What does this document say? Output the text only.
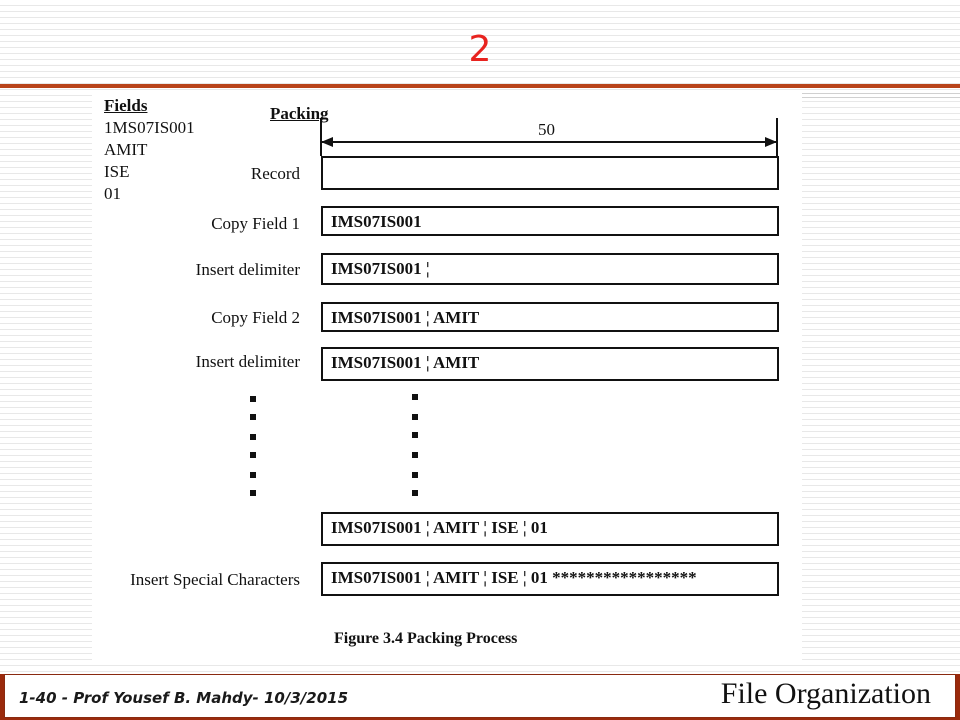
2
Fields
1MS07IS001
AMIT
ISE
01
Packing
50
Record
Copy Field 1
Insert delimiter
Copy Field 2
Insert delimiter
Insert Special Characters
IMS07IS001
IMS07IS001 ¦
IMS07IS001 ¦ AMIT
IMS07IS001 ¦ AMIT
IMS07IS001 ¦ AMIT ¦ ISE ¦ 01
IMS07IS001 ¦ AMIT ¦ ISE ¦ 01 *****************
Figure 3.4 Packing Process
1-40 - Prof Yousef B. Mahdy- 10/3/2015	File Organization
